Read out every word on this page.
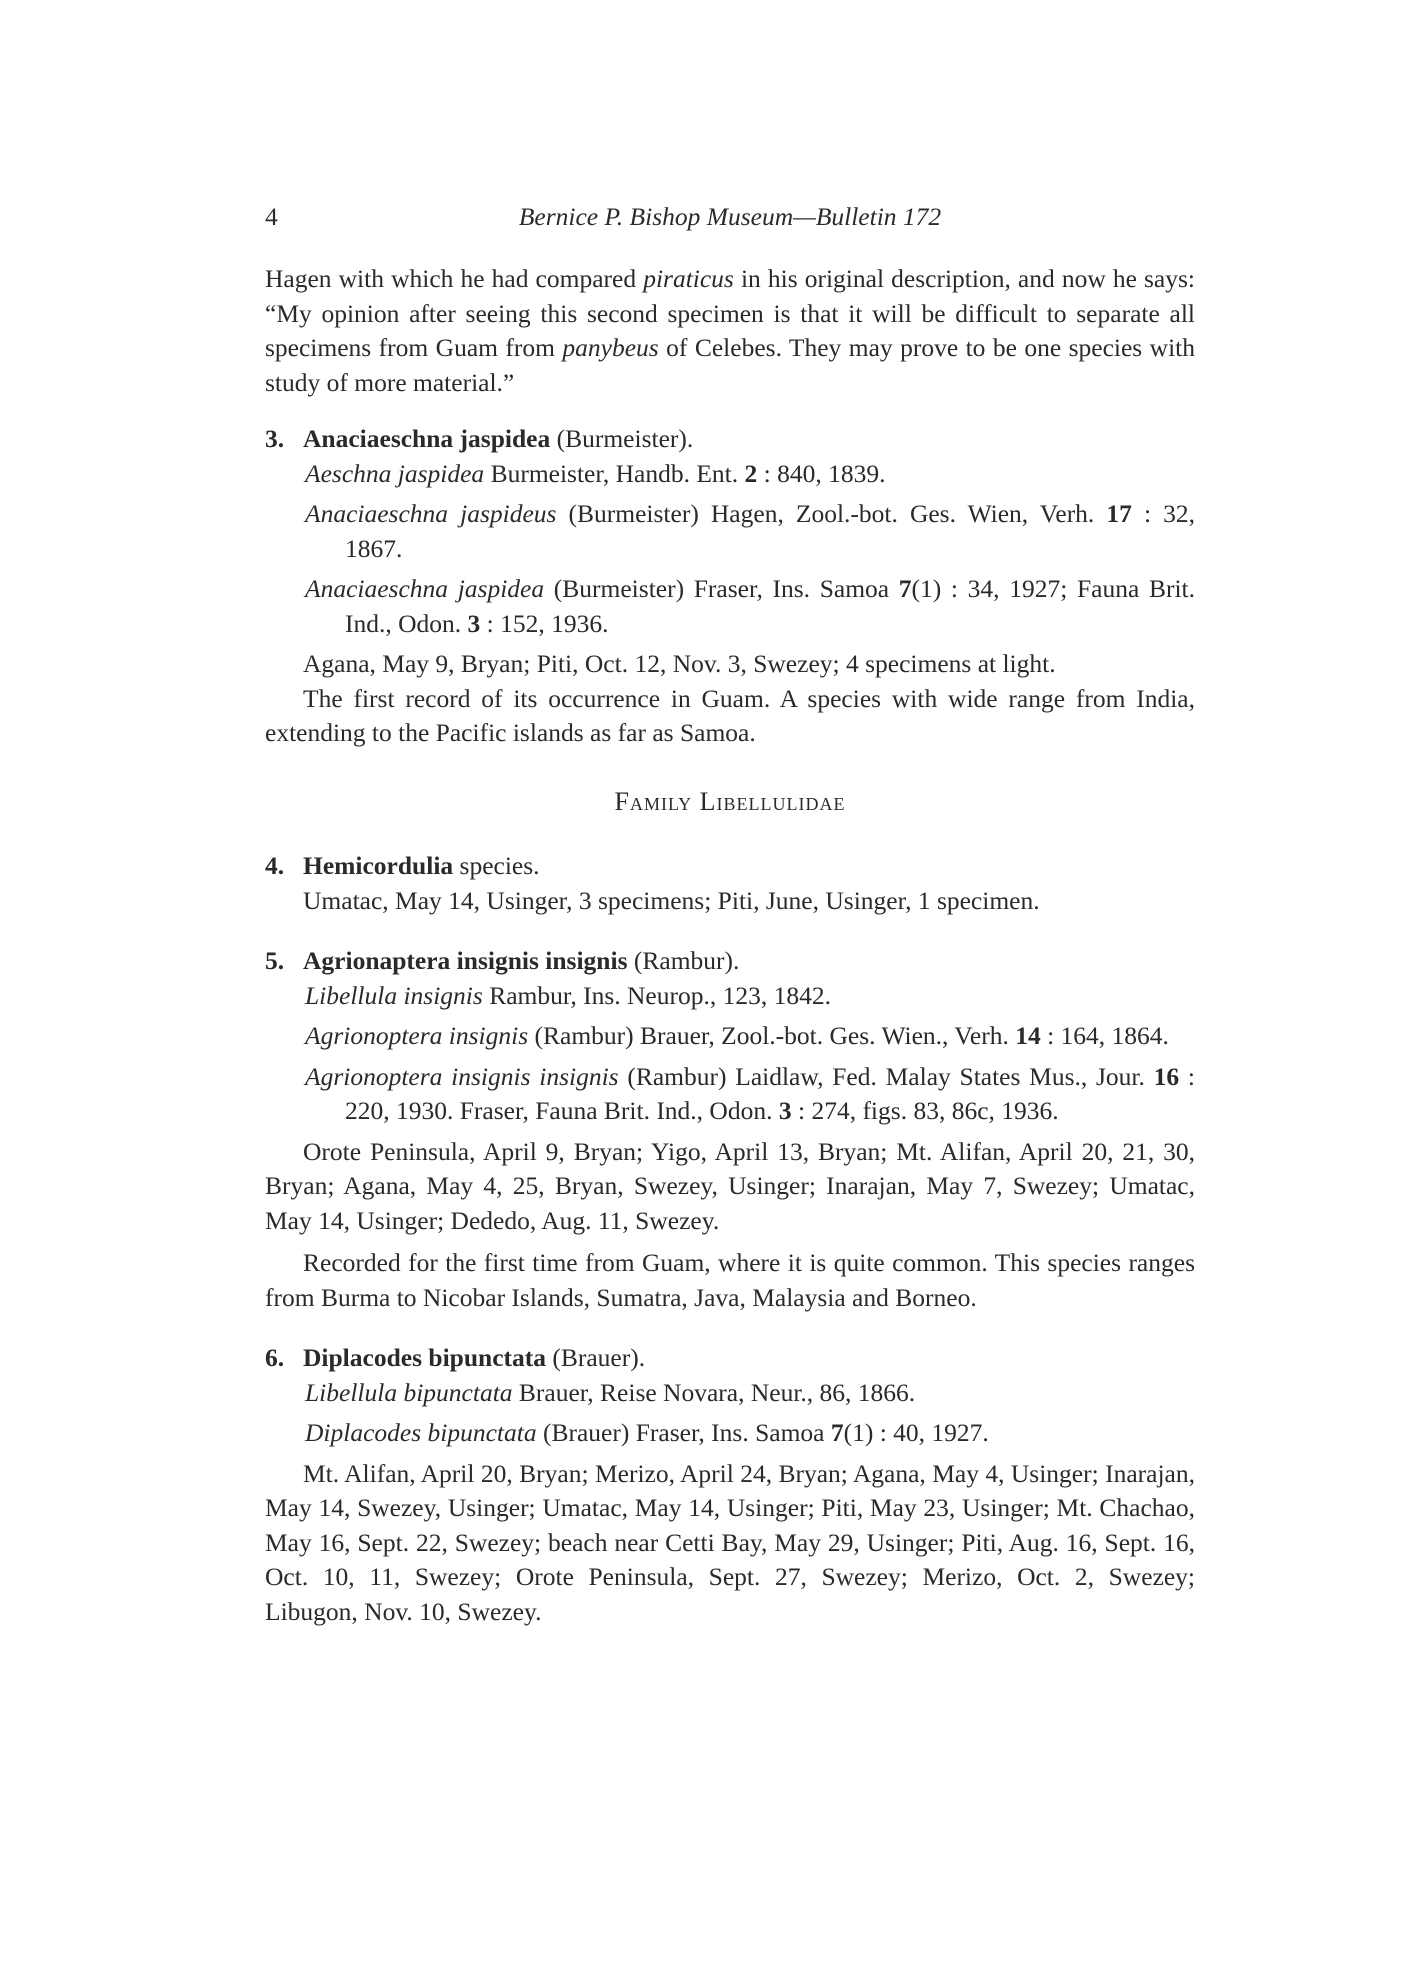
4	Bernice P. Bishop Museum—Bulletin 172

Hagen with which he had compared piraticus in his original description, and now he says: “My opinion after seeing this second specimen is that it will be difficult to separate all specimens from Guam from panybeus of Celebes. They may prove to be one species with study of more material.”

3. Anaciaeschna jaspidea (Burmeister).

Aeschna jaspidea Burmeister, Handb. Ent. 2 : 840, 1839.

Anaciaeschna jaspideus (Burmeister) Hagen, Zool.-bot. Ges. Wien, Verh. 17 : 32, 1867.

Anaciaeschna jaspidea (Burmeister) Fraser, Ins. Samoa 7(1) : 34, 1927; Fauna Brit. Ind., Odon. 3 : 152, 1936.

Agana, May 9, Bryan; Piti, Oct. 12, Nov. 3, Swezey; 4 specimens at light.

The first record of its occurrence in Guam. A species with wide range from India, extending to the Pacific islands as far as Samoa.

Family Libellulidae

4. Hemicordulia species.

Umatac, May 14, Usinger, 3 specimens; Piti, June, Usinger, 1 specimen.

5. Agrionaptera insignis insignis (Rambur).

Libellula insignis Rambur, Ins. Neurop., 123, 1842.

Agrionoptera insignis (Rambur) Brauer, Zool.-bot. Ges. Wien., Verh. 14 : 164, 1864.

Agrionoptera insignis insignis (Rambur) Laidlaw, Fed. Malay States Mus., Jour. 16 : 220, 1930. Fraser, Fauna Brit. Ind., Odon. 3 : 274, figs. 83, 86c, 1936.

Orote Peninsula, April 9, Bryan; Yigo, April 13, Bryan; Mt. Alifan, April 20, 21, 30, Bryan; Agana, May 4, 25, Bryan, Swezey, Usinger; Inarajan, May 7, Swezey; Umatac, May 14, Usinger; Dededo, Aug. 11, Swezey.

Recorded for the first time from Guam, where it is quite common. This species ranges from Burma to Nicobar Islands, Sumatra, Java, Malaysia and Borneo.

6. Diplacodes bipunctata (Brauer).

Libellula bipunctata Brauer, Reise Novara, Neur., 86, 1866.

Diplacodes bipunctata (Brauer) Fraser, Ins. Samoa 7(1) : 40, 1927.

Mt. Alifan, April 20, Bryan; Merizo, April 24, Bryan; Agana, May 4, Usinger; Inarajan, May 14, Swezey, Usinger; Umatac, May 14, Usinger; Piti, May 23, Usinger; Mt. Chachao, May 16, Sept. 22, Swezey; beach near Cetti Bay, May 29, Usinger; Piti, Aug. 16, Sept. 16, Oct. 10, 11, Swezey; Orote Peninsula, Sept. 27, Swezey; Merizo, Oct. 2, Swezey; Libugon, Nov. 10, Swezey.
